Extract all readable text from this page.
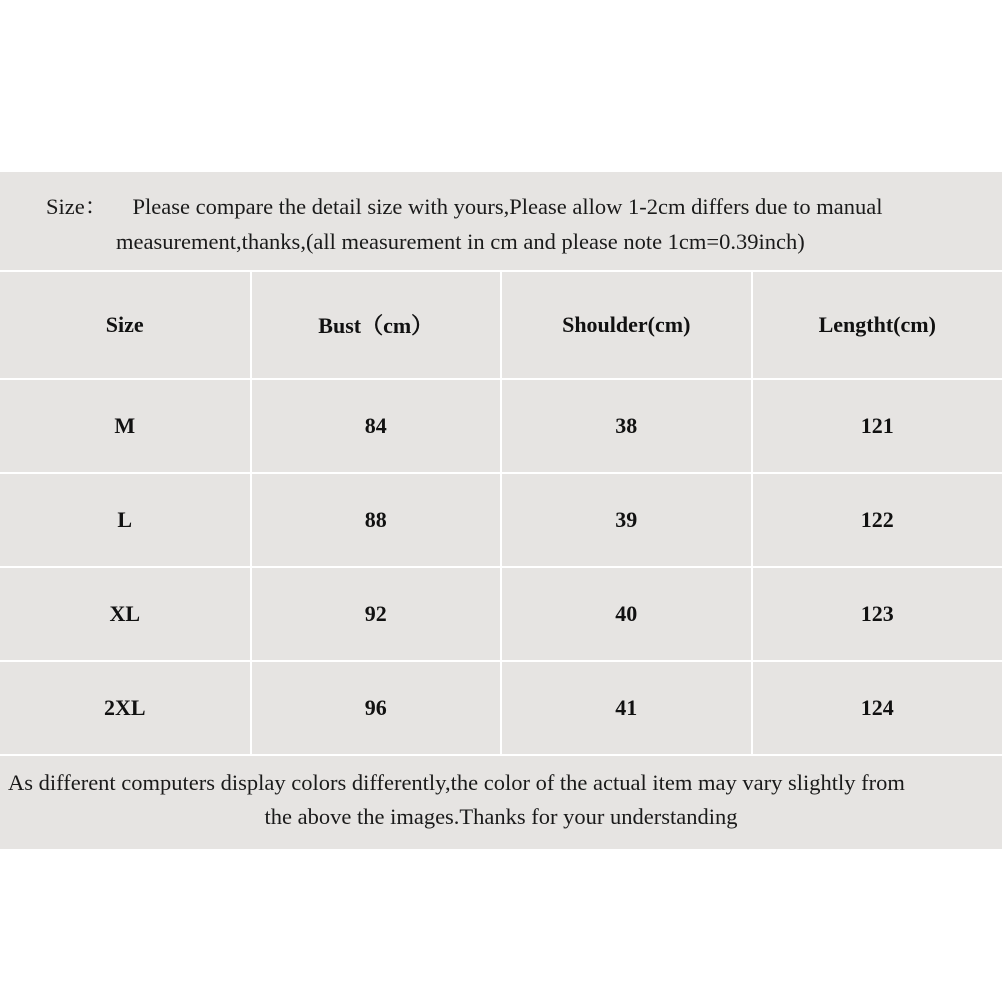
Size： Please compare the detail size with yours,Please allow 1-2cm differs due to manual
measurement,thanks,(all measurement in cm and please note 1cm=0.39inch)
Size	Bust（cm）	Shoulder(cm)	Lengtht(cm)
M	84	38	121
L	88	39	122
XL	92	40	123
2XL	96	41	124
As different computers display colors differently,the color of the actual item may vary slightly from
the above the images.Thanks for your understanding
